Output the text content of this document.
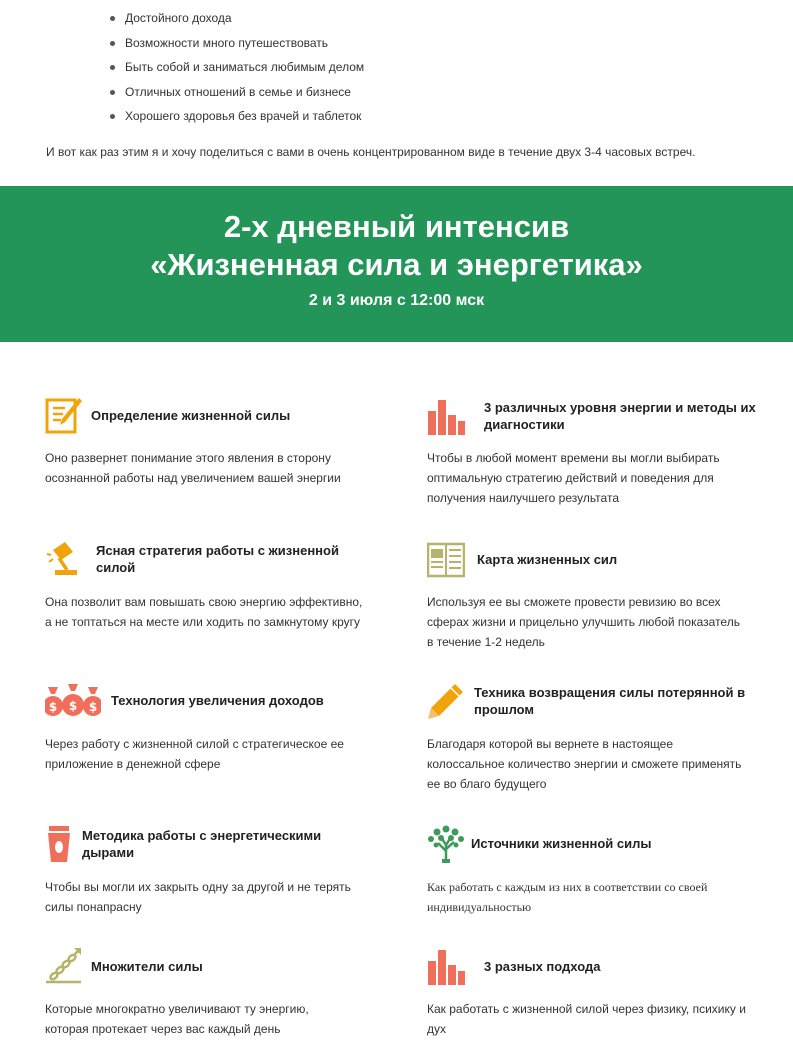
Достойного дохода
Возможности много путешествовать
Быть собой и заниматься любимым делом
Отличных отношений в семье и бизнесе
Хорошего здоровья без врачей и таблеток

И вот как раз этим я и хочу поделиться с вами в очень концентрированном виде в течение двух 3-4 часовых встреч.

2-х дневный интенсив
«Жизненная сила и энергетика»
2 и 3 июля с 12:00 мск
Определение жизненной силы
Оно развернет понимание этого явления в сторону осознанной работы над увеличением вашей энергии
3 различных уровня энергии и методы их диагностики
Чтобы в любой момент времени вы могли выбирать оптимальную стратегию действий и поведения для получения наилучшего результата
Ясная стратегия работы с жизненной силой
Она позволит вам повышать свою энергию эффективно, а не топтаться на месте или ходить по замкнутому кругу
Карта жизненных сил
Используя ее вы сможете провести ревизию во всех сферах жизни и прицельно улучшить любой показатель в течение 1-2 недель
$ $ $ Технология увеличения доходов
Через работу с жизненной силой с стратегическое ее приложение в денежной сфере
Техника возвращения силы потерянной в прошлом
Благодаря которой вы вернете в настоящее колоссальное количество энергии и сможете применять ее во благо будущего
Методика работы с энергетическими дырами
Чтобы вы могли их закрыть одну за другой и не терять силы понапрасну
Источники жизненной силы
Как работать с каждым из них в соответствии со своей индивидуальностью
Множители силы
Которые многократно увеличивают ту энергию, которая протекает через вас каждый день
3 разных подхода
Как работать с жизненной силой через физику, психику и дух
